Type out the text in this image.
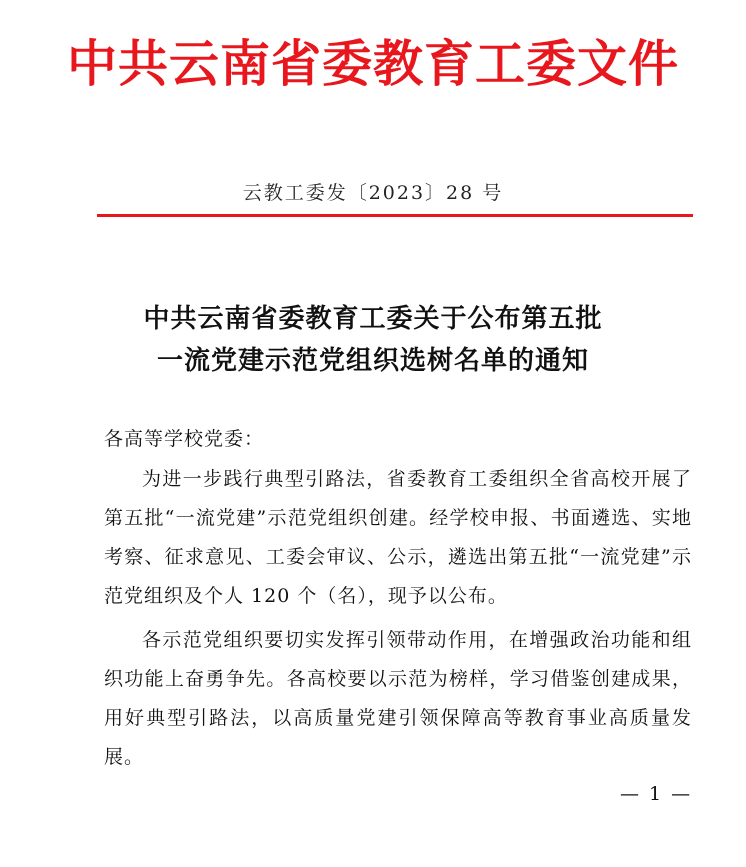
中共云南省委教育工委文件
云教工委发〔2023〕28 号
中共云南省委教育工委关于公布第五批
一流党建示范党组织选树名单的通知
各高等学校党委：

为进一步践行典型引路法，省委教育工委组织全省高校开展了第五批“一流党建”示范党组织创建。经学校申报、书面遴选、实地考察、征求意见、工委会审议、公示，遴选出第五批“一流党建”示范党组织及个人 120 个（名），现予以公布。

各示范党组织要切实发挥引领带动作用，在增强政治功能和组织功能上奋勇争先。各高校要以示范为榜样，学习借鉴创建成果，用好典型引路法，以高质量党建引领保障高等教育事业高质量发展。

— 1 —
